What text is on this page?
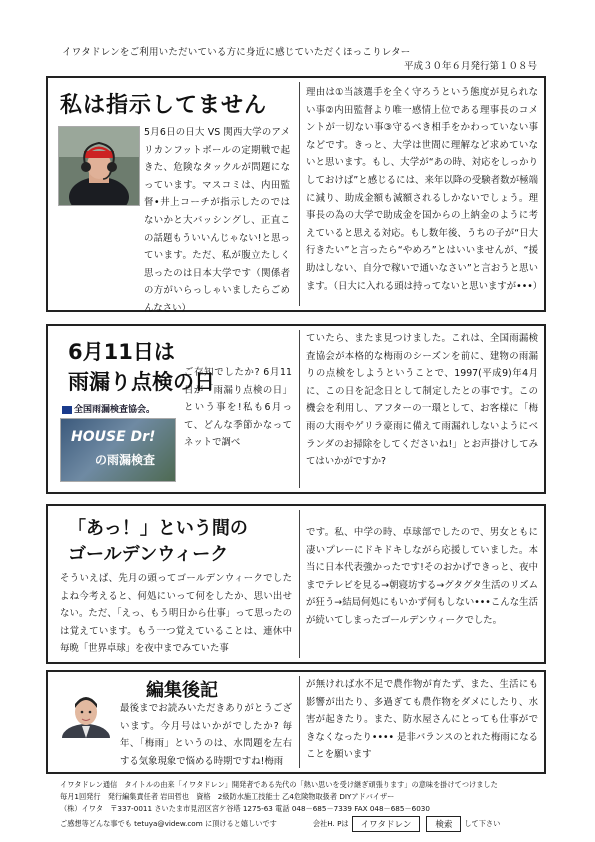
イワタドレンをご利用いただいている方に身近に感じていただくほっこりレター
平成３０年６月発行第１０８号
私は指示してません
5月6日の日大 VS 関西大学のアメリカンフットボールの定期戦で起きた、危険なタックルが問題になっています。マスコミは、内田監督•井上コーチが指示したのではないかと大バッシングし、正直この話題もういいんじゃない!と思っています。ただ、私が腹立たしく思ったのは日本大学です（関係者の方がいらっしゃいましたらごめんなさい）
理由は①当該選手を全く守ろうという態度が見られない事②内田監督より唯一感情上位である理事長のコメントが一切ない事③守るべき相手をかわっていない事などです。きっと、大学は世間に理解など求めていないと思います。もし、大学が“あの時、対応をしっかりしておけば”と感じるには、来年以降の受験者数が極端に減り、助成金額も減額されるしかないでしょう。理事長の為の大学で助成金を国からの上納金のように考えていると思える対応。もし数年後、うちの子が“日大行きたい”と言ったら“やめろ”とはいいませんが、“援助はしない、自分で稼いで通いなさい”と言おうと思います。（日大に入れる頭は持ってないと思いますが•••）
6月11日は
雨漏り点検の日
全国雨漏検査協会。
HOUSE Dr!
の雨漏検査
ご存知でしたか? 6月11日が「雨漏り点検の日」という事を!私も6月って、どんな季節かなってネットで調べ
ていたら、またま見つけました。これは、全国雨漏検査協会が本格的な梅雨のシーズンを前に、建物の雨漏りの点検をしようということで、1997(平成9)年4月に、この日を記念日として制定したとの事です。この機会を利用し、アフターの一環として、お客様に「梅雨の大雨やゲリラ豪雨に備えて雨漏れしないようにベランダのお掃除をしてくださいね!」とお声掛けしてみてはいかがですか?
「あっ！」という間の
ゴールデンウィーク
そういえば、先月の頭ってゴールデンウィークでしたよね今考えると、何処にいって何をしたか、思い出せない。ただ、「えっ、もう明日から仕事」って思ったのは覚えています。もう一つ覚えていることは、連休中毎晩「世界卓球」を夜中までみていた事
です。私、中学の時、卓球部でしたので、男女ともに凄いプレーにドキドキしながら応援していました。本当に日本代表強かったです!そのおかげできっと、夜中までテレビを見る→朝寝坊する→グタグタ生活のリズムが狂う→結局何処にもいかず何もしない•••こんな生活が続いてしまったゴールデンウィークでした。
編集後記
最後までお読みいただきありがとうございます。今月号はいかがでしたか? 毎年、「梅雨」というのは、水問題を左右する気象現象で悩める時期ですね!梅雨
が無ければ水不足で農作物が育たず、また、生活にも影響が出たり、多過ぎても農作物をダメにしたり、水害が起きたり。また、防水屋さんにとっても仕事ができなくなったり•••• 是非バランスのとれた梅雨になることを願います
イワタドレン通信　タイトルの由来「イワタドレン」開発者である先代の「熱い思いを受け継ぎ頑張ります」の意味を掛けてつけました
毎月1回発行　発行編集責任者 岩田哲也　資格　2級防水施工技能士 乙4危険物取扱者 DIYアドバイザー
（株）イワタ　〒337-0011 さいたま市見沼区宮ケ谷塔 1275-63 電話 048－685－7339 FAX 048－685－6030
ご感想等どんな事でも tetuya@videw.com に頂けると嬉しいです	会社H. Pは	イワタドレン	検索	して下さい
